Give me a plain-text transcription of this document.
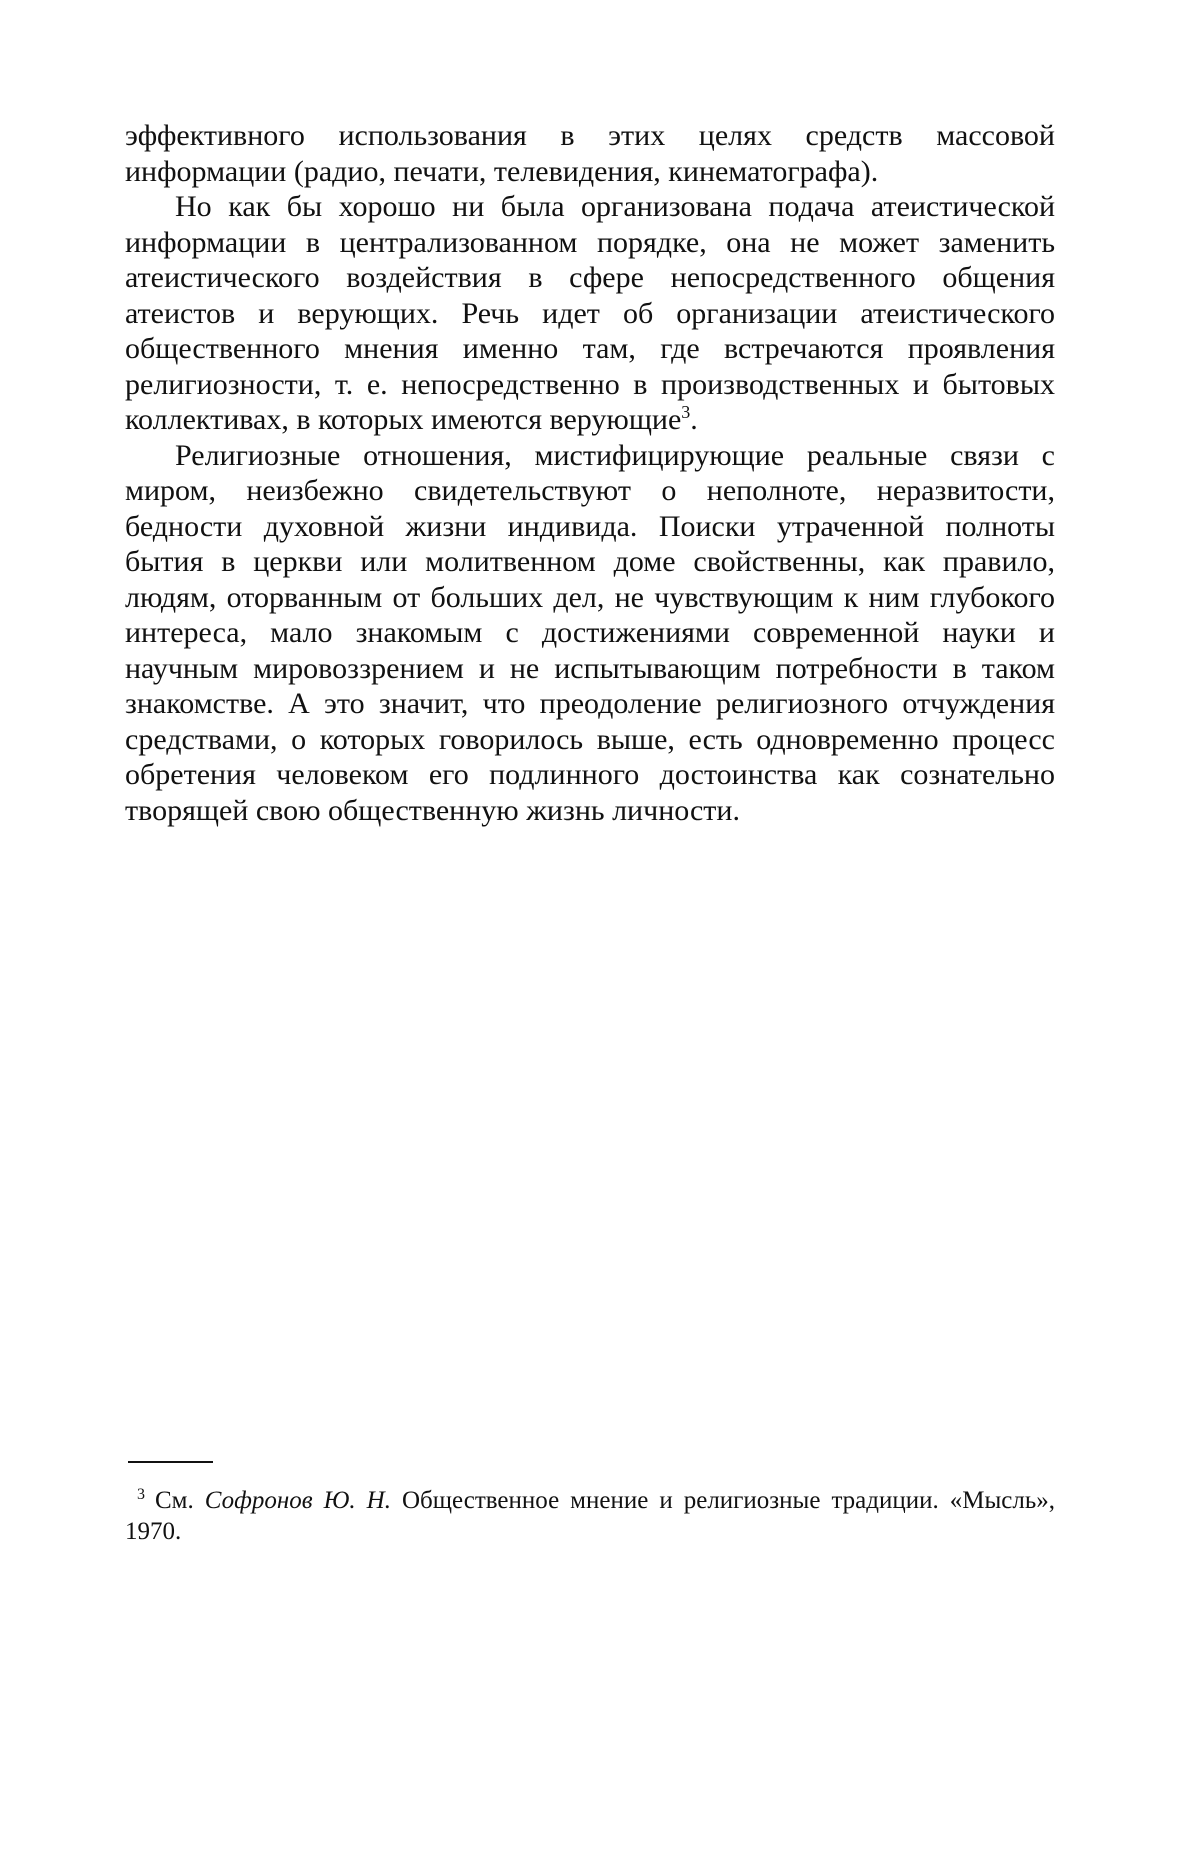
эффективного использования в этих целях средств массовой информации (радио, печати, телевидения, кинематографа).

Но как бы хорошо ни была организована подача атеистической информации в централизованном порядке, она не может заменить атеистического воздействия в сфере непосредственного общения атеистов и верующих. Речь идет об организации атеистического общественного мнения именно там, где встречаются проявления религиозности, т. е. непосредственно в производственных и бытовых коллективах, в которых имеются верующие$^3$.

Религиозные отношения, мистифицирующие реальные связи с миром, неизбежно свидетельствуют о неполноте, неразвитости, бедности духовной жизни индивида. Поиски утраченной полноты бытия в церкви или молитвенном доме свойственны, как правило, людям, оторванным от больших дел, не чувствующим к ним глубокого интереса, мало знакомым с достижениями современной науки и научным мировоззрением и не испытывающим потребности в таком знакомстве. А это значит, что преодоление религиозного отчуждения средствами, о которых говорилось выше, есть одновременно процесс обретения человеком его подлинного достоинства как сознательно творящей свою общественную жизнь личности.

$^3$ См. Софронов Ю. Н. Общественное мнение и религиозные традиции. «Мысль», 1970.
